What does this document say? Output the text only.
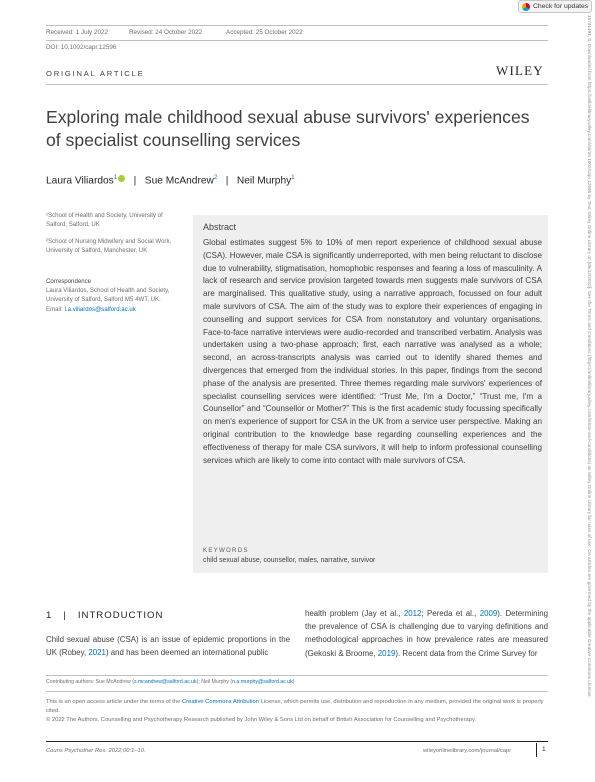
Check for updates
15741491, 0, Downloaded from https://onlinelibrary.wiley.com/doi/10.1002/capr.12596 by Test, Wiley Online Library on [05/12/2022]. See the Terms and Conditions (https://onlinelibrary.wiley.com/terms-and-conditions) on Wiley Online Library for rules of use; OA articles are governed by the applicable Creative Commons License
Received: 1 July 2022	Revised: 24 October 2022	Accepted: 25 October 2022
DOI: 10.1002/capr.12596
ORIGINAL ARTICLE	WILEY
Exploring male childhood sexual abuse survivors' experiences of specialist counselling services
Laura Viliardos$^1$ | Sue McAndrew$^2$ | Neil Murphy$^1$
¹School of Health and Society, University of Salford, Salford, UK
²School of Nursing Midwifery and Social Work, University of Salford, Manchester, UK
Correspondence
Laura Viliardos, School of Health and Society, University of Salford, Salford M5 4WT, UK.
Email: l.a.viliardos@salford.ac.uk
Abstract

Global estimates suggest 5% to 10% of men report experience of childhood sexual abuse (CSA). However, male CSA is significantly underreported, with men being reluctant to disclose due to vulnerability, stigmatisation, homophobic responses and fearing a loss of masculinity. A lack of research and service provision targeted towards men suggests male survivors of CSA are marginalised. This qualitative study, using a narrative approach, focussed on four adult male survivors of CSA. The aim of the study was to explore their experiences of engaging in counselling and support services for CSA from nonstatutory and voluntary organisations. Face-to-face narrative interviews were audio-recorded and transcribed verbatim. Analysis was undertaken using a two-phase approach; first, each narrative was analysed as a whole; second, an across-transcripts analysis was carried out to identify shared themes and divergences that emerged from the individual stories. In this paper, findings from the second phase of the analysis are presented. Three themes regarding male survivors' experiences of specialist counselling services were identified: “Trust Me, I'm a Doctor,” “Trust me, I'm a Counsellor” and “Counsellor or Mother?” This is the first academic study focussing specifically on men's experience of support for CSA in the UK from a service user perspective. Making an original contribution to the knowledge base regarding counselling experiences and the effectiveness of therapy for male CSA survivors, it will help to inform professional counselling services which are likely to come into contact with male survivors of CSA.

KEYWORDS
child sexual abuse, counsellor, males, narrative, survivor
1 | INTRODUCTION

Child sexual abuse (CSA) is an issue of epidemic proportions in the UK (Robey, 2021) and has been deemed an international public

health problem (Jay et al., 2012; Pereda et al., 2009). Determining the prevalence of CSA is challenging due to varying definitions and methodological approaches in how prevalence rates are measured (Gekoski & Broome, 2019). Recent data from the Crime Survey for

Contributing authors: Sue McAndrew (s.mcandrew@salford.ac.uk); Neil Murphy (n.a.murphy@salford.ac.uk)
This is an open access article under the terms of the Creative Commons Attribution License, which permits use, distribution and reproduction in any medium, provided the original work is properly cited.
© 2022 The Authors. Counselling and Psychotherapy Research published by John Wiley & Sons Ltd on behalf of British Association for Counselling and Psychotherapy.
Couns Psychother Res. 2022;00:1–10.	wileyonlinelibrary.com/journal/capr	1
